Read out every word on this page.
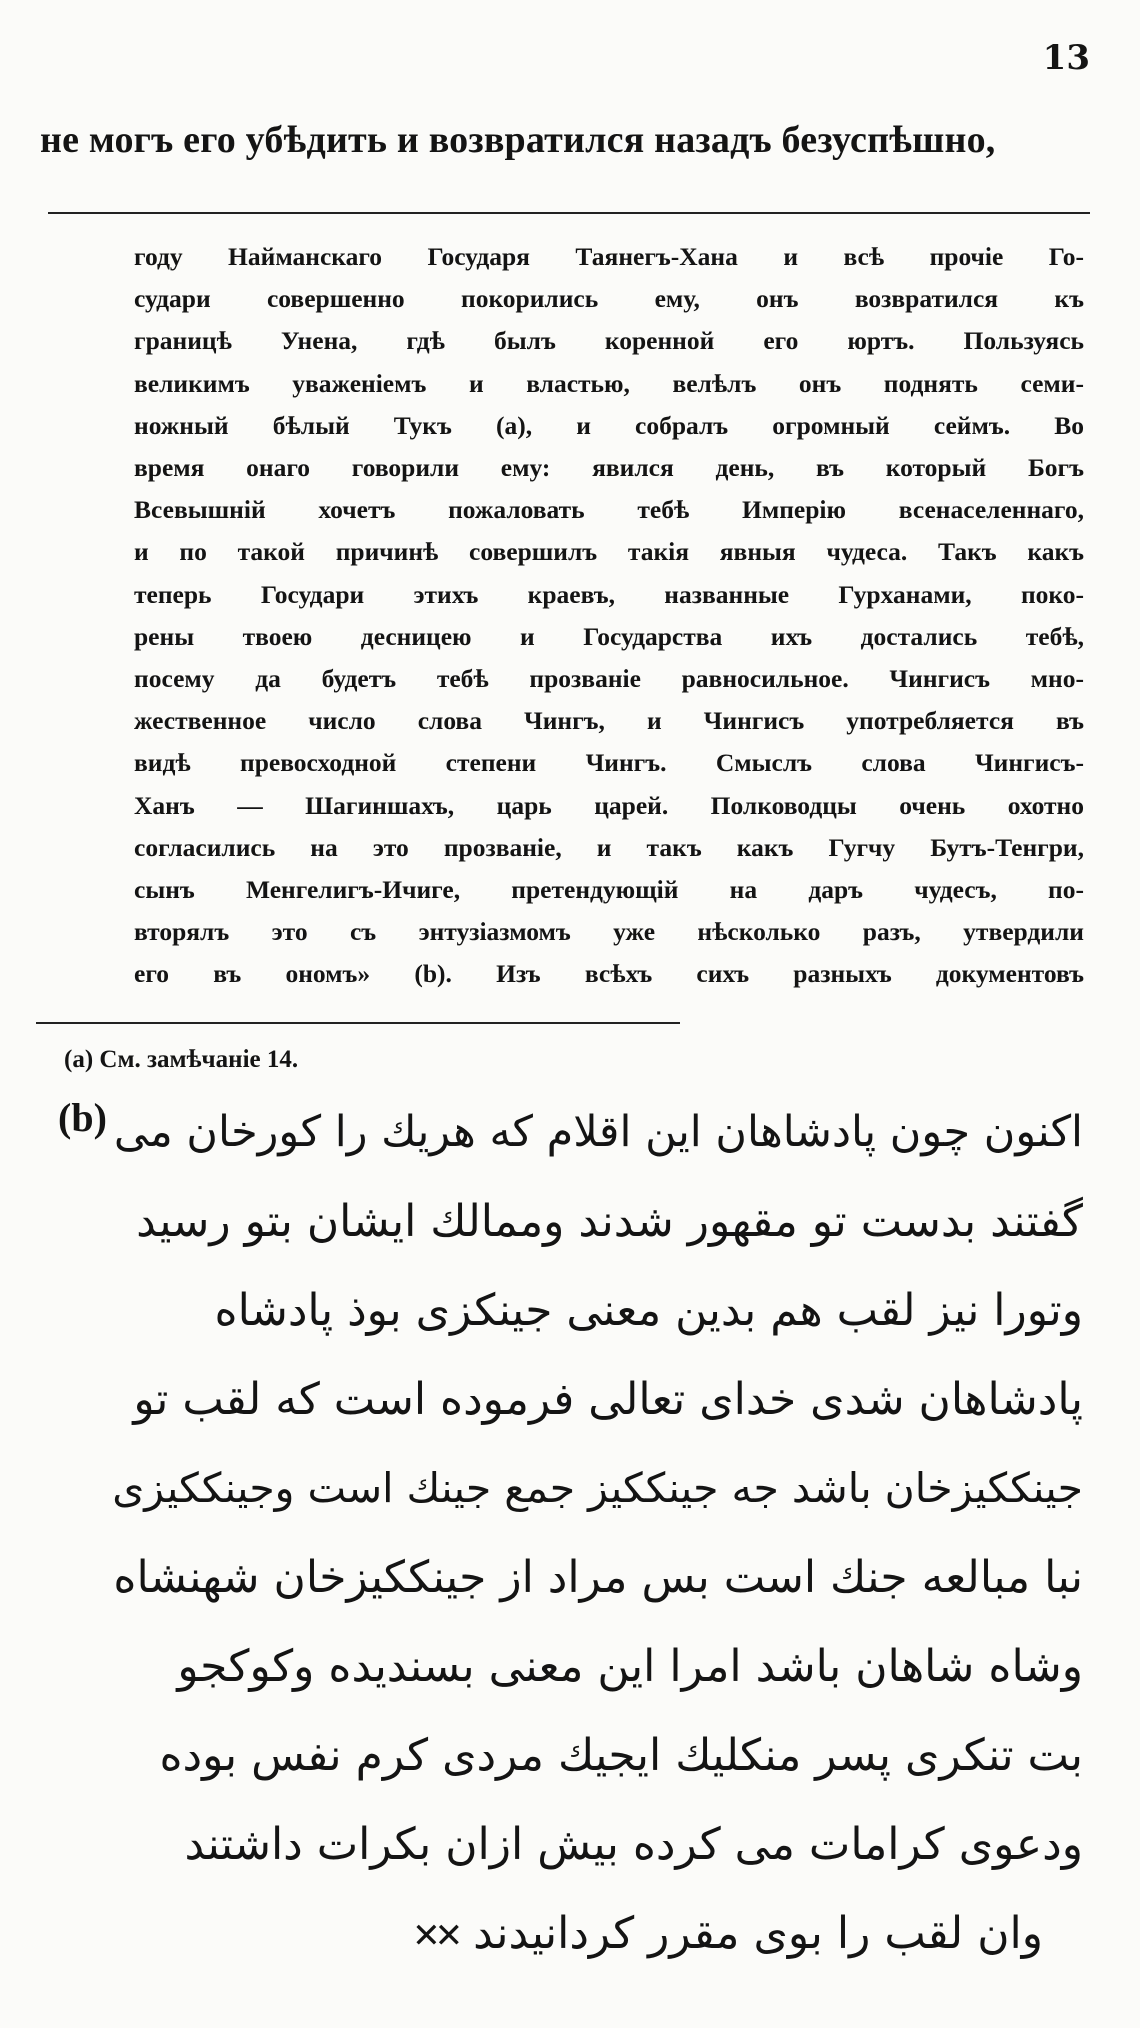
13
не могъ его убѣдить и возвратился назадъ безуспѣшно,
году Найманскаго Государя Таянегъ-Хана и всѣ прочіе Го-
судари совершенно покорились ему, онъ возвратился къ
границѣ Унена, гдѣ былъ коренной его юртъ. Пользуясь
великимъ уваженіемъ и властью, велѣлъ онъ поднять семи-
ножный бѣлый Тукъ (а), и собралъ огромный сеймъ. Во
время онаго говорили ему: явился день, въ который Богъ
Всевышній хочетъ пожаловать тебѣ Имперію всенаселеннаго,
и по такой причинѣ совершилъ такія явныя чудеса. Такъ какъ
теперь Государи этихъ краевъ, названные Гурханами, поко-
рены твоею десницею и Государства ихъ достались тебѣ,
посему да будетъ тебѣ прозваніе равносильное. Чингисъ мно-
жественное число слова Чингъ, и Чингисъ употребляется въ
видѣ превосходной степени Чингъ. Смыслъ слова Чингисъ-
Ханъ — Шагиншахъ, царь царей. Полководцы очень охотно
согласились на это прозваніе, и такъ какъ Гугчу Бутъ-Тенгри,
сынъ Менгелигъ-Ичиге, претендующій на даръ чудесъ, по-
вторялъ это съ энтузіазмомъ уже нѣсколько разъ, утвердили
его въ ономъ» (b). Изъ всѣхъ сихъ разныхъ документовъ
(а) См. замѣчаніе 14.
(b) اکنون چون پادشاهان این اقلام که هریك را کورخان می
گفتند بدست تو مقهور شدند وممالك ایشان بتو رسید
وتورا نیز لقب هم بدین معنی جینکزی بوذ پادشاه
پادشاهان شدی خدای تعالی فرموده است که لقب تو
جینککیزخان باشد جه جینککیز جمع جینك است وجینککیزی
نبا مبالعه جنك است بس مراد از جینککیزخان شهنشاه
وشاه شاهان باشد امرا این معنی بسندیده وکوکجو
بت تنکری پسر منکلیك ایجیك مردی کرم نفس بوده
ودعوی کرامات می کرده بیش ازان بکرات داشتند
وان لقب را بوی مقرر کردانیدند✕✕
